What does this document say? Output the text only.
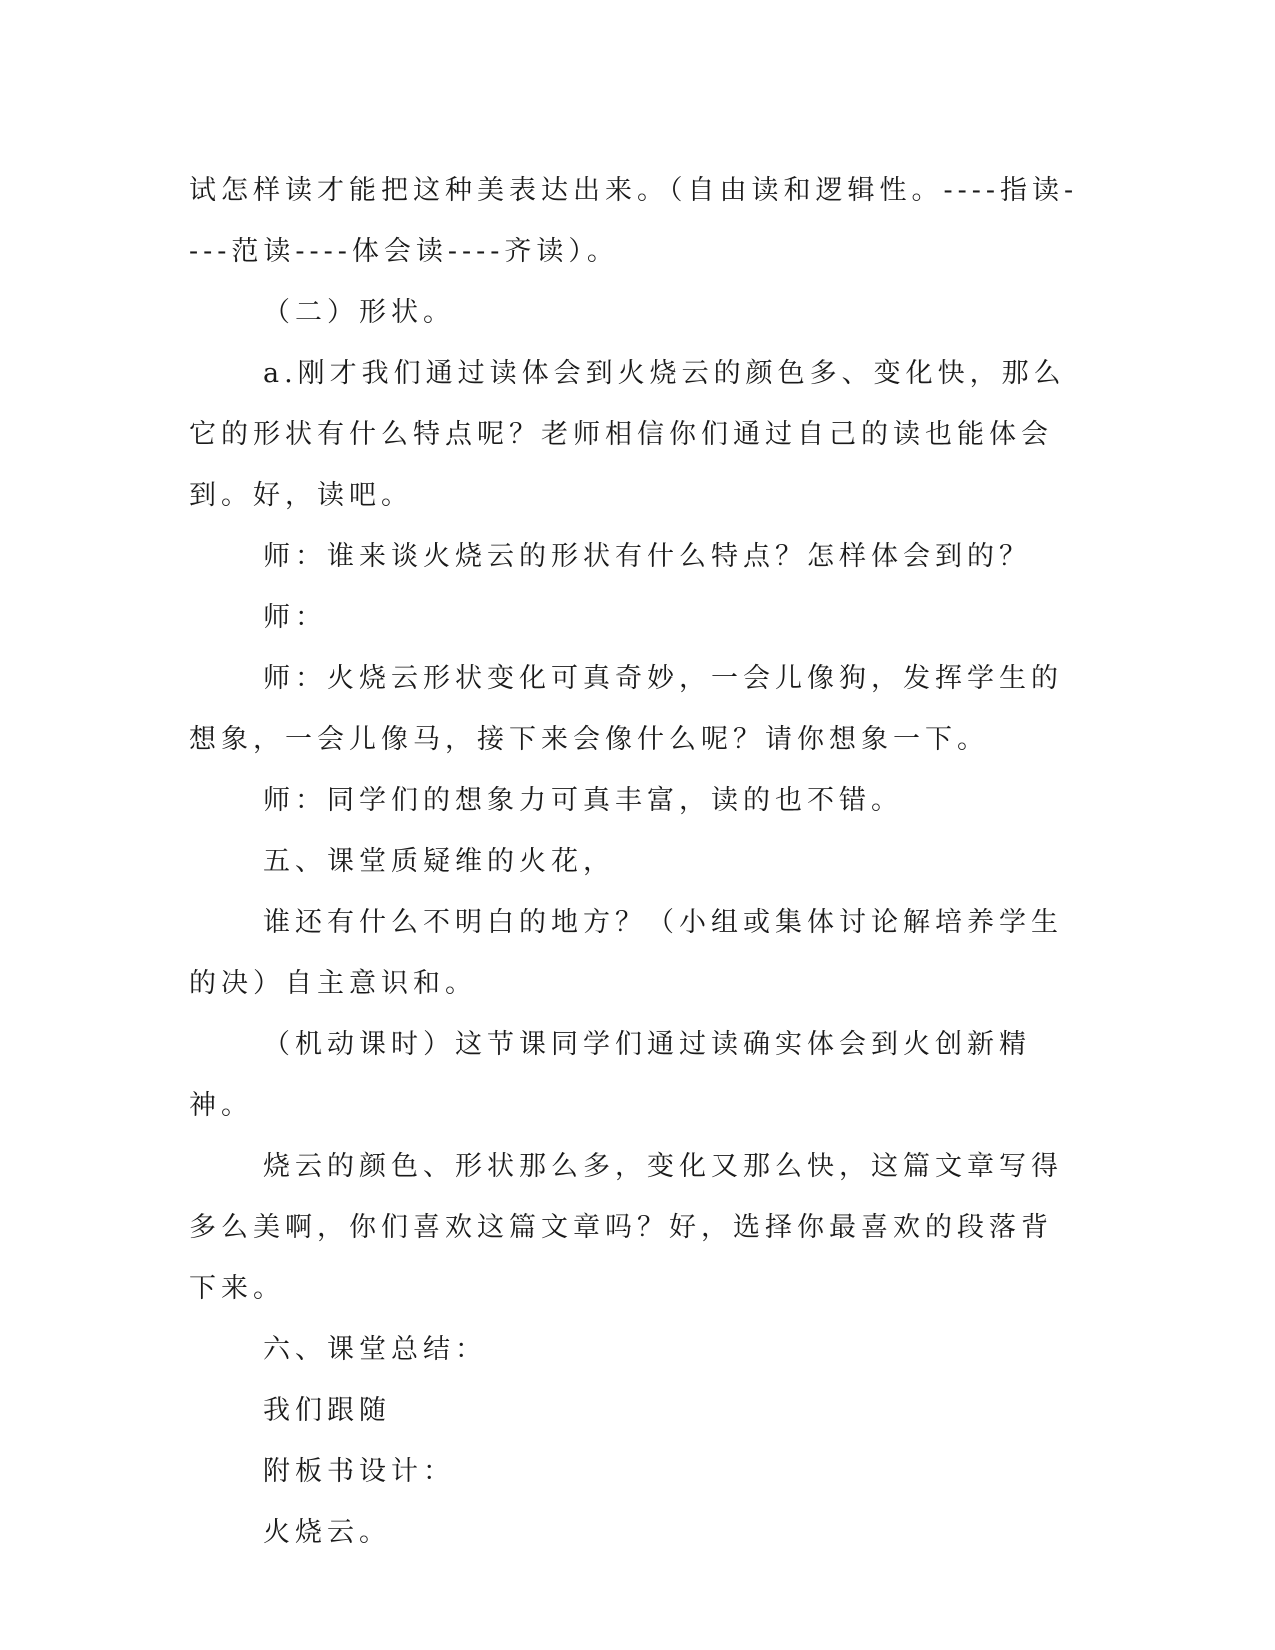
试怎样读才能把这种美表达出来。（自由读和逻辑性。----指读----范读----体会读----齐读）。

（二）形状。

a.刚才我们通过读体会到火烧云的颜色多、变化快，那么它的形状有什么特点呢？老师相信你们通过自己的读也能体会到。好，读吧。

师：谁来谈火烧云的形状有什么特点？怎样体会到的？

师：

师：火烧云形状变化可真奇妙，一会儿像狗，发挥学生的想象，一会儿像马，接下来会像什么呢？请你想象一下。

师：同学们的想象力可真丰富，读的也不错。

五、课堂质疑维的火花，

谁还有什么不明白的地方？（小组或集体讨论解培养学生的决）自主意识和。

（机动课时）这节课同学们通过读确实体会到火创新精神。

烧云的颜色、形状那么多，变化又那么快，这篇文章写得多么美啊，你们喜欢这篇文章吗？好，选择你最喜欢的段落背下来。

六、课堂总结：

我们跟随

附板书设计：

火烧云。
